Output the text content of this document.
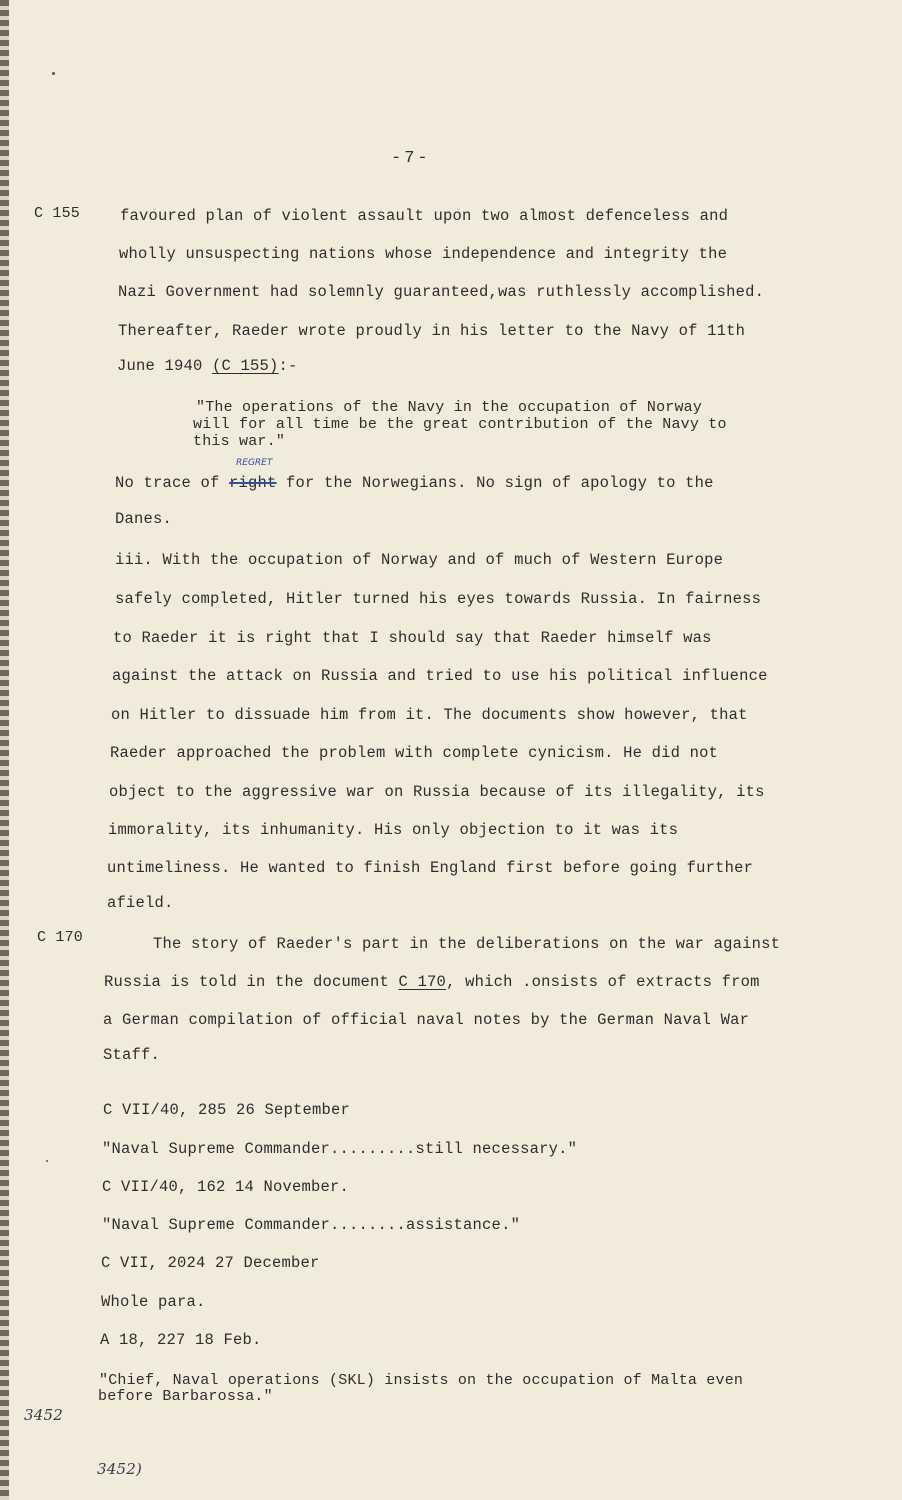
-7-
C 155
C 170
3452
favoured plan of violent assault upon two almost defenceless and
wholly unsuspecting nations whose independence and integrity the
Nazi Government had solemnly guaranteed,was ruthlessly accomplished.
Thereafter, Raeder wrote proudly in his letter to the Navy of 11th
June 1940 (C 155):-
"The operations of the Navy in the occupation of Norway
will for all time be the great contribution of the Navy to
this war."
REGRET
No trace of right for the Norwegians. No sign of apology to the
Danes.
iii. With the occupation of Norway and of much of Western Europe
safely completed, Hitler turned his eyes towards Russia. In fairness
to Raeder it is right that I should say that Raeder himself was
against the attack on Russia and tried to use his political influence
on Hitler to dissuade him from it. The documents show however, that
Raeder approached the problem with complete cynicism. He did not
object to the aggressive war on Russia because of its illegality, its
immorality, its inhumanity. His only objection to it was its
untimeliness. He wanted to finish England first before going further
afield.
The story of Raeder's part in the deliberations on the war against
Russia is told in the document C 170, which .onsists of extracts from
a German compilation of official naval notes by the German Naval War
Staff.
C VII/40, 285 26 September
"Naval Supreme Commander.........still necessary."
C VII/40, 162 14 November.
"Naval Supreme Commander........assistance."
C VII, 2024 27 December
Whole para.
A 18, 227 18 Feb.
"Chief, Naval operations (SKL) insists on the occupation of Malta even
before Barbarossa."
3452)
